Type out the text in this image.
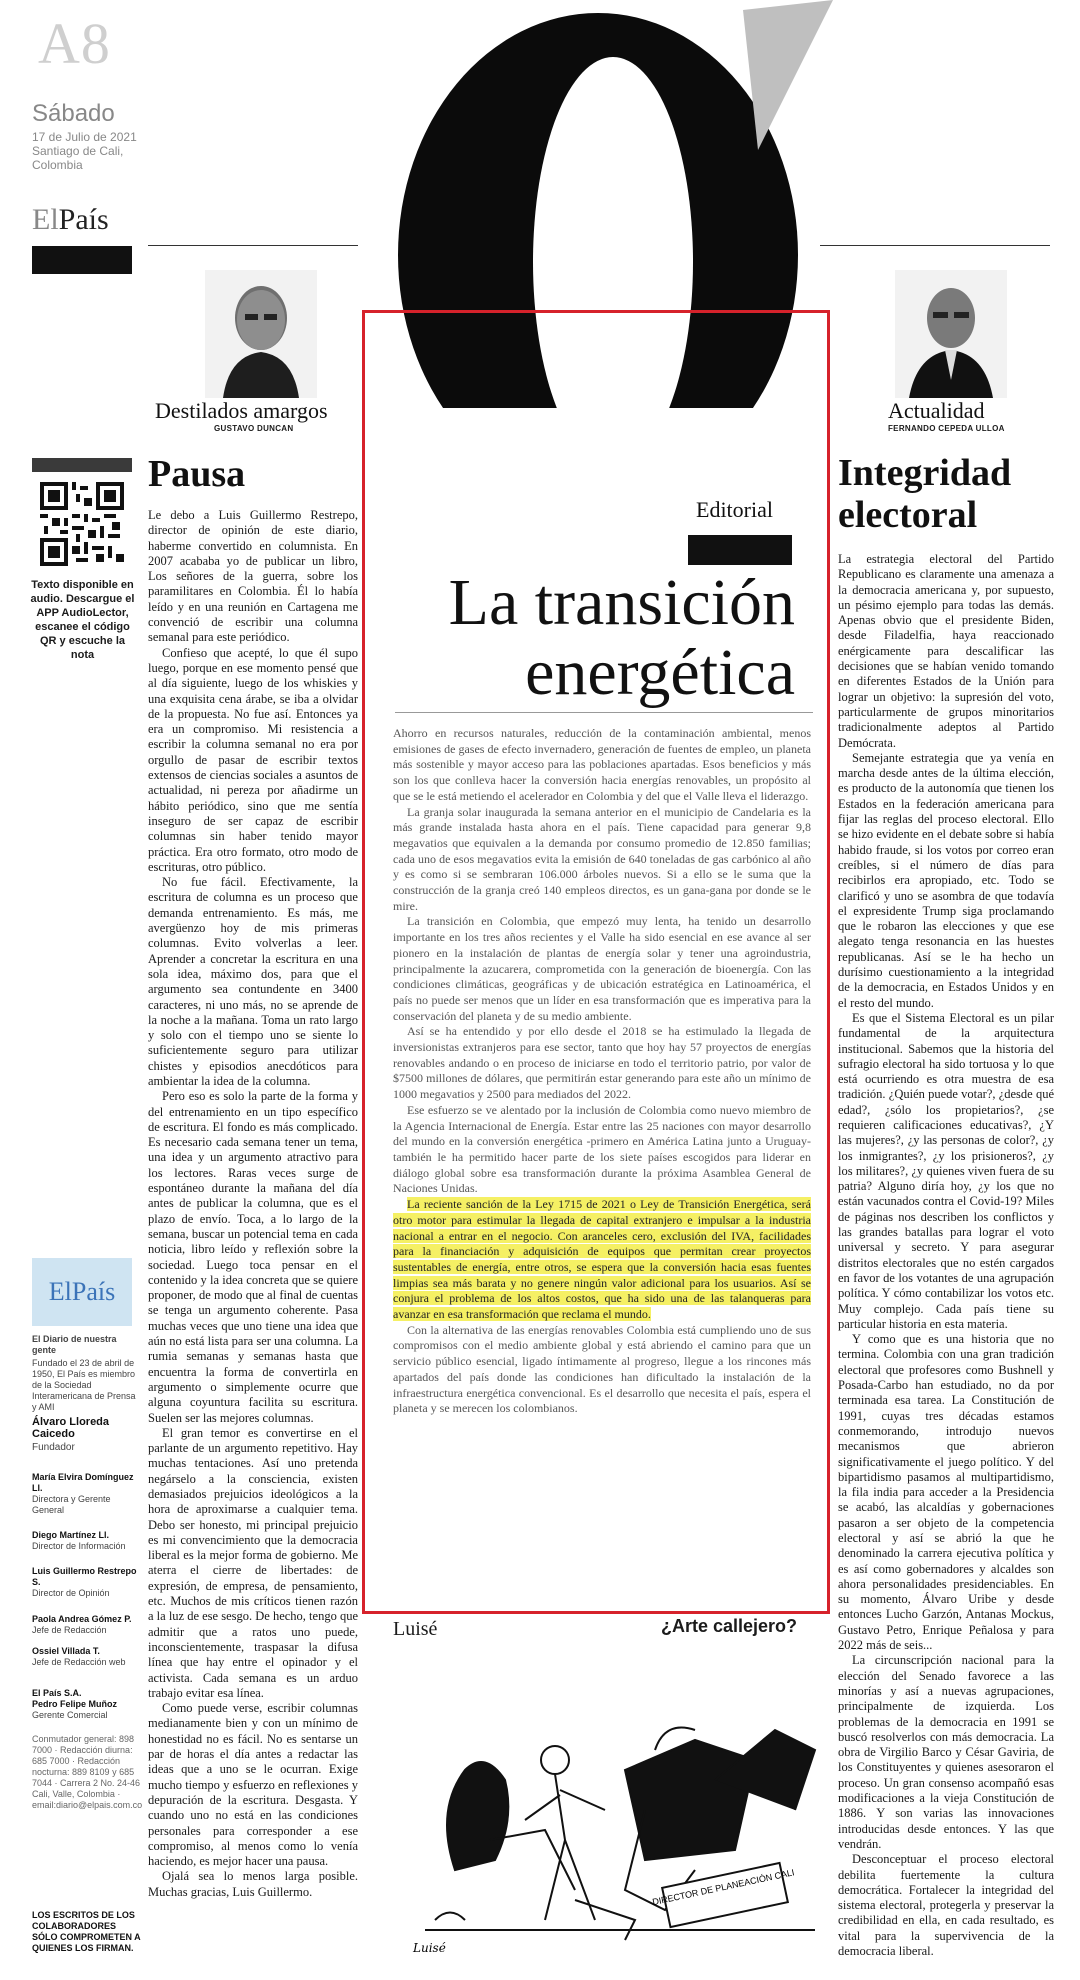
A8
Sábado
17 de Julio de 2021
Santiago de Cali, Colombia
ElPaís
Texto disponible en audio. Descargue el APP AudioLector, escanee el código QR y escuche la nota
ElPaís
El Diario de nuestra gente
Fundado el 23 de abril de 1950, El País es miembro de la Sociedad Interamericana de Prensa y AMI
Álvaro Lloreda Caicedo
Fundador
María Elvira Domínguez Ll.
Directora y Gerente General
Diego Martínez Ll.
Director de Información
Luis Guillermo Restrepo S.
Director de Opinión
Paola Andrea Gómez P.
Jefe de Redacción
Ossiel Villada T.
Jefe de Redacción web
El País S.A.
Pedro Felipe Muñoz
Gerente Comercial
Conmutador general: 898 7000 · Redacción diurna: 685 7000 · Redacción nocturna: 889 8109 y 685 7044 · Carrera 2 No. 24-46 Cali, Valle, Colombia · email:diario@elpais.com.co
LOS ESCRITOS DE LOS COLABORADORES SÓLO COMPROMETEN A QUIENES LOS FIRMAN.
Destilados amargos
GUSTAVO DUNCAN
Actualidad
FERNANDO CEPEDA ULLOA
Pausa

Le debo a Luis Guillermo Restrepo, director de opinión de este diario, haberme convertido en columnista. En 2007 acababa yo de publicar un libro, Los señores de la guerra, sobre los paramilitares en Colombia. Él lo había leído y en una reunión en Cartagena me convenció de escribir una columna semanal para este periódico.

Confieso que acepté, lo que él supo luego, porque en ese momento pensé que al día siguiente, luego de los whiskies y una exquisita cena árabe, se iba a olvidar de la propuesta. No fue así. Entonces ya era un compromiso. Mi resistencia a escribir la columna semanal no era por orgullo de pasar de escribir textos extensos de ciencias sociales a asuntos de actualidad, ni pereza por añadirme un hábito periódico, sino que me sentía inseguro de ser capaz de escribir columnas sin haber tenido mayor práctica. Era otro formato, otro modo de escrituras, otro público.

No fue fácil. Efectivamente, la escritura de columna es un proceso que demanda entrenamiento. Es más, me avergüenzo hoy de mis primeras columnas. Evito volverlas a leer. Aprender a concretar la escritura en una sola idea, máximo dos, para que el argumento sea contundente en 3400 caracteres, ni uno más, no se aprende de la noche a la mañana. Toma un rato largo y solo con el tiempo uno se siente lo suficientemente seguro para utilizar chistes y episodios anecdóticos para ambientar la idea de la columna.

Pero eso es solo la parte de la forma y del entrenamiento en un tipo específico de escritura. El fondo es más complicado. Es necesario cada semana tener un tema, una idea y un argumento atractivo para los lectores. Raras veces surge de espontáneo durante la mañana del día antes de publicar la columna, que es el plazo de envío. Toca, a lo largo de la semana, buscar un potencial tema en cada noticia, libro leído y reflexión sobre la sociedad. Luego toca pensar en el contenido y la idea concreta que se quiere proponer, de modo que al final de cuentas se tenga un argumento coherente. Pasa muchas veces que uno tiene una idea que aún no está lista para ser una columna. La rumia semanas y semanas hasta que encuentra la forma de convertirla en argumento o simplemente ocurre que alguna coyuntura facilita su escritura. Suelen ser las mejores columnas.

El gran temor es convertirse en el parlante de un argumento repetitivo. Hay muchas tentaciones. Así uno pretenda negárselo a la consciencia, existen demasiados prejuicios ideológicos a la hora de aproximarse a cualquier tema. Debo ser honesto, mi principal prejuicio es mi convencimiento que la democracia liberal es la mejor forma de gobierno. Me aterra el cierre de libertades: de expresión, de empresa, de pensamiento, etc. Muchos de mis críticos tienen razón a la luz de ese sesgo. De hecho, tengo que admitir que a ratos uno puede, inconscientemente, traspasar la difusa línea que hay entre el opinador y el activista. Cada semana es un arduo trabajo evitar esa línea.

Como puede verse, escribir columnas medianamente bien y con un mínimo de honestidad no es fácil. No es sentarse un par de horas el día antes a redactar las ideas que a uno se le ocurran. Exige mucho tiempo y esfuerzo en reflexiones y depuración de la escritura. Desgasta. Y cuando uno no está en las condiciones personales para corresponder a ese compromiso, al menos como lo venía haciendo, es mejor hacer una pausa.

Ojalá sea lo menos larga posible. Muchas gracias, Luis Guillermo.

Editorial
La transición
energética

Ahorro en recursos naturales, reducción de la contaminación ambiental, menos emisiones de gases de efecto invernadero, generación de fuentes de empleo, un planeta más sostenible y mayor acceso para las poblaciones apartadas. Esos beneficios y más son los que conlleva hacer la conversión hacia energías renovables, un propósito al que se le está metiendo el acelerador en Colombia y del que el Valle lleva el liderazgo.

La granja solar inaugurada la semana anterior en el municipio de Candelaria es la más grande instalada hasta ahora en el país. Tiene capacidad para generar 9,8 megavatios que equivalen a la demanda por consumo promedio de 12.850 familias; cada uno de esos megavatios evita la emisión de 640 toneladas de gas carbónico al año y es como si se sembraran 106.000 árboles nuevos. Si a ello se le suma que la construcción de la granja creó 140 empleos directos, es un gana-gana por donde se le mire.

La transición en Colombia, que empezó muy lenta, ha tenido un desarrollo importante en los tres años recientes y el Valle ha sido esencial en ese avance al ser pionero en la instalación de plantas de energía solar y tener una agroindustria, principalmente la azucarera, comprometida con la generación de bioenergía. Con las condiciones climáticas, geográficas y de ubicación estratégica en Latinoamérica, el país no puede ser menos que un líder en esa transformación que es imperativa para la conservación del planeta y de su medio ambiente.

Así se ha entendido y por ello desde el 2018 se ha estimulado la llegada de inversionistas extranjeros para ese sector, tanto que hoy hay 57 proyectos de energías renovables andando o en proceso de iniciarse en todo el territorio patrio, por valor de $7500 millones de dólares, que permitirán estar generando para este año un mínimo de 1000 megavatios y 2500 para mediados del 2022.

Ese esfuerzo se ve alentado por la inclusión de Colombia como nuevo miembro de la Agencia Internacional de Energía. Estar entre las 25 naciones con mayor desarrollo del mundo en la conversión energética -primero en América Latina junto a Uruguay- también le ha permitido hacer parte de los siete países escogidos para liderar en diálogo global sobre esa transformación durante la próxima Asamblea General de Naciones Unidas.

La reciente sanción de la Ley 1715 de 2021 o Ley de Transición Energética, será otro motor para estimular la llegada de capital extranjero e impulsar a la industria nacional a entrar en el negocio. Con aranceles cero, exclusión del IVA, facilidades para la financiación y adquisición de equipos que permitan crear proyectos sustentables de energía, entre otros, se espera que la conversión hacia esas fuentes limpias sea más barata y no genere ningún valor adicional para los usuarios. Así se conjura el problema de los altos costos, que ha sido una de las talanqueras para avanzar en esa transformación que reclama el mundo.

Con la alternativa de las energías renovables Colombia está cumpliendo uno de sus compromisos con el medio ambiente global y está abriendo el camino para que un servicio público esencial, ligado íntimamente al progreso, llegue a los rincones más apartados del país donde las condiciones han dificultado la instalación de la infraestructura energética convencional. Es el desarrollo que necesita el país, espera el planeta y se merecen los colombianos.

Luisé	¿Arte callejero?
DIRECTOR DE PLANEACIÓN CALI
Luisé
Integridad electoral

La estrategia electoral del Partido Republicano es claramente una amenaza a la democracia americana y, por supuesto, un pésimo ejemplo para todas las demás. Apenas obvio que el presidente Biden, desde Filadelfia, haya reaccionado enérgicamente para descalificar las decisiones que se habían venido tomando en diferentes Estados de la Unión para lograr un objetivo: la supresión del voto, particularmente de grupos minoritarios tradicionalmente adeptos al Partido Demócrata.

Semejante estrategia que ya venía en marcha desde antes de la última elección, es producto de la autonomía que tienen los Estados en la federación americana para fijar las reglas del proceso electoral. Ello se hizo evidente en el debate sobre si había habido fraude, si los votos por correo eran creíbles, si el número de días para recibirlos era apropiado, etc. Todo se clarificó y uno se asombra de que todavía el expresidente Trump siga proclamando que le robaron las elecciones y que ese alegato tenga resonancia en las huestes republicanas. Así se le ha hecho un durísimo cuestionamiento a la integridad de la democracia, en Estados Unidos y en el resto del mundo.

Es que el Sistema Electoral es un pilar fundamental de la arquitectura institucional. Sabemos que la historia del sufragio electoral ha sido tortuosa y lo que está ocurriendo es otra muestra de esa tradición. ¿Quién puede votar?, ¿desde qué edad?, ¿sólo los propietarios?, ¿se requieren calificaciones educativas?, ¿Y las mujeres?, ¿y las personas de color?, ¿y los inmigrantes?, ¿y los prisioneros?, ¿y los militares?, ¿y quienes viven fuera de su patria? Alguno diría hoy, ¿y los que no están vacunados contra el Covid-19? Miles de páginas nos describen los conflictos y las grandes batallas para lograr el voto universal y secreto. Y para asegurar distritos electorales que no estén cargados en favor de los votantes de una agrupación política. Y cómo contabilizar los votos etc. Muy complejo. Cada país tiene su particular historia en esta materia.

Y como que es una historia que no termina. Colombia con una gran tradición electoral que profesores como Bushnell y Posada-Carbo han estudiado, no da por terminada esa tarea. La Constitución de 1991, cuyas tres décadas estamos conmemorando, introdujo nuevos mecanismos que abrieron significativamente el juego político. Y del bipartidismo pasamos al multipartidismo, la fila india para acceder a la Presidencia se acabó, las alcaldías y gobernaciones pasaron a ser objeto de la competencia electoral y así se abrió la que he denominado la carrera ejecutiva política y es así como gobernadores y alcaldes son ahora personalidades presidenciables. En su momento, Álvaro Uribe y desde entonces Lucho Garzón, Antanas Mockus, Gustavo Petro, Enrique Peñalosa y para 2022 más de seis...

La circunscripción nacional para la elección del Senado favorece a las minorías y así a nuevas agrupaciones, principalmente de izquierda. Los problemas de la democracia en 1991 se buscó resolverlos con más democracia. La obra de Virgilio Barco y César Gaviria, de los Constituyentes y quienes asesoraron el proceso. Un gran consenso acompañó esas modificaciones a la vieja Constitución de 1886. Y son varias las innovaciones introducidas desde entonces. Y las que vendrán.

Desconceptuar el proceso electoral debilita fuertemente la cultura democrática. Fortalecer la integridad del sistema electoral, protegerla y preservar la credibilidad en ella, en cada resultado, es vital para la supervivencia de la democracia liberal.
